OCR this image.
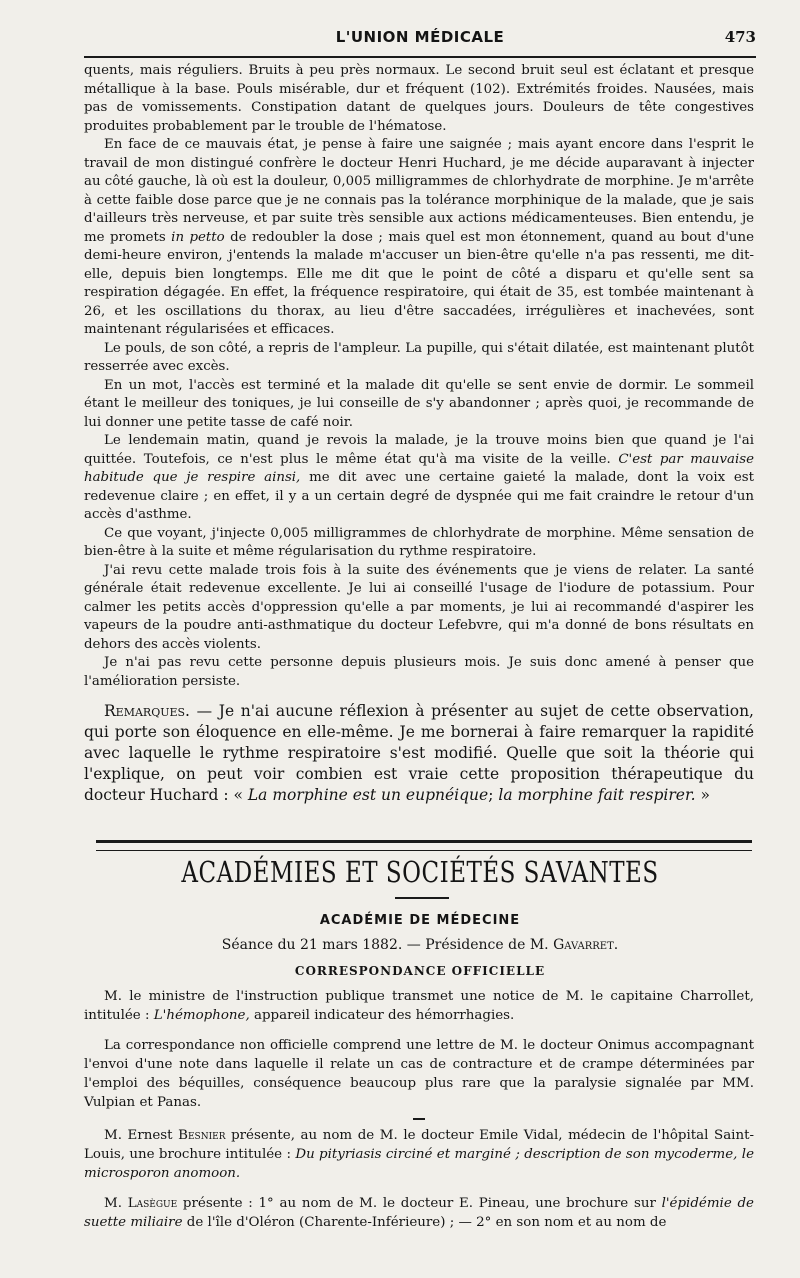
L'UNION MÉDICALE	473

quents, mais réguliers. Bruits à peu près normaux. Le second bruit seul est éclatant et presque métallique à la base. Pouls misérable, dur et fréquent (102). Extrémités froides. Nausées, mais pas de vomissements. Constipation datant de quelques jours. Douleurs de tête congestives produites probablement par le trouble de l'hématose.

En face de ce mauvais état, je pense à faire une saignée ; mais ayant encore dans l'esprit le travail de mon distingué confrère le docteur Henri Huchard, je me décide auparavant à injecter au côté gauche, là où est la douleur, 0,005 milligrammes de chlorhydrate de morphine. Je m'arrête à cette faible dose parce que je ne connais pas la tolérance morphinique de la malade, que je sais d'ailleurs très nerveuse, et par suite très sensible aux actions médicamenteuses. Bien entendu, je me promets in petto de redoubler la dose ; mais quel est mon étonnement, quand au bout d'une demi-heure environ, j'entends la malade m'accuser un bien-être qu'elle n'a pas ressenti, me dit-elle, depuis bien longtemps. Elle me dit que le point de côté a disparu et qu'elle sent sa respiration dégagée. En effet, la fréquence respiratoire, qui était de 35, est tombée maintenant à 26, et les oscillations du thorax, au lieu d'être saccadées, irrégulières et inachevées, sont maintenant régularisées et efficaces.

Le pouls, de son côté, a repris de l'ampleur. La pupille, qui s'était dilatée, est maintenant plutôt resserrée avec excès.

En un mot, l'accès est terminé et la malade dit qu'elle se sent envie de dormir. Le sommeil étant le meilleur des toniques, je lui conseille de s'y abandonner ; après quoi, je recommande de lui donner une petite tasse de café noir.

Le lendemain matin, quand je revois la malade, je la trouve moins bien que quand je l'ai quittée. Toutefois, ce n'est plus le même état qu'à ma visite de la veille. C'est par mauvaise habitude que je respire ainsi, me dit avec une certaine gaieté la malade, dont la voix est redevenue claire ; en effet, il y a un certain degré de dyspnée qui me fait craindre le retour d'un accès d'asthme.

Ce que voyant, j'injecte 0,005 milligrammes de chlorhydrate de morphine. Même sensation de bien-être à la suite et même régularisation du rythme respiratoire.

J'ai revu cette malade trois fois à la suite des événements que je viens de relater. La santé générale était redevenue excellente. Je lui ai conseillé l'usage de l'iodure de potassium. Pour calmer les petits accès d'oppression qu'elle a par moments, je lui ai recommandé d'aspirer les vapeurs de la poudre anti-asthmatique du docteur Lefebvre, qui m'a donné de bons résultats en dehors des accès violents.

Je n'ai pas revu cette personne depuis plusieurs mois. Je suis donc amené à penser que l'amélioration persiste.

Remarques. — Je n'ai aucune réflexion à présenter au sujet de cette observation, qui porte son éloquence en elle-même. Je me bornerai à faire remarquer la rapidité avec laquelle le rythme respiratoire s'est modifié. Quelle que soit la théorie qui l'explique, on peut voir combien est vraie cette proposition thérapeutique du docteur Huchard : « La morphine est un eupnéique; la morphine fait respirer. »

ACADÉMIES ET SOCIÉTÉS SAVANTES
ACADÉMIE DE MÉDECINE
Séance du 21 mars 1882. — Présidence de M. Gavarret.
CORRESPONDANCE OFFICIELLE

M. le ministre de l'instruction publique transmet une notice de M. le capitaine Charrollet, intitulée : L'hémophone, appareil indicateur des hémorrhagies.

La correspondance non officielle comprend une lettre de M. le docteur Onimus accompagnant l'envoi d'une note dans laquelle il relate un cas de contracture et de crampe déterminées par l'emploi des béquilles, conséquence beaucoup plus rare que la paralysie signalée par MM. Vulpian et Panas.

M. Ernest Besnier présente, au nom de M. le docteur Emile Vidal, médecin de l'hôpital Saint-Louis, une brochure intitulée : Du pityriasis circiné et marginé ; description de son mycoderme, le microsporon anomoon.

M. Lasègue présente : 1° au nom de M. le docteur E. Pineau, une brochure sur l'épidémie de suette miliaire de l'île d'Oléron (Charente-Inférieure) ; — 2° en son nom et au nom de
